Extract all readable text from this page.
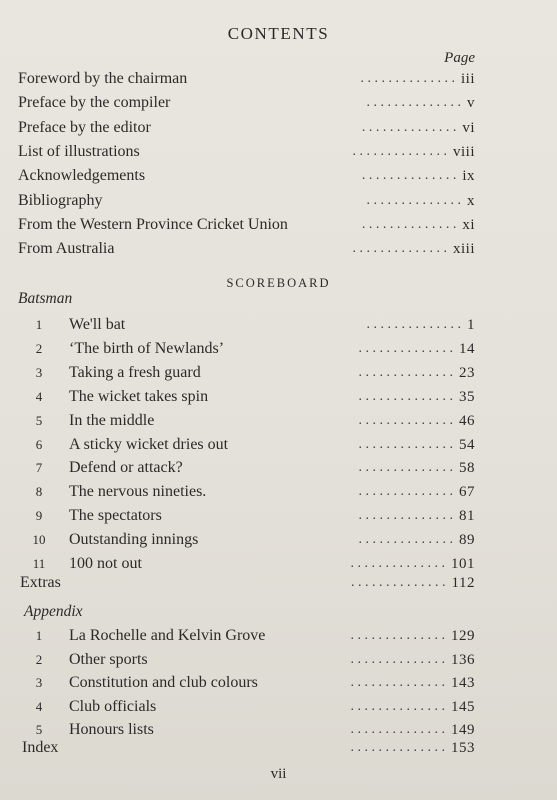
CONTENTS
Page
SCOREBOARD
Batsman
Appendix
Foreword by the chairman	iii
. . . . . . . . . . . . . .
Preface by the compiler	v
. . . . . . . . . . . . . .
Preface by the editor	vi
. . . . . . . . . . . . . .
List of illustrations	viii
. . . . . . . . . . . . . .
Acknowledgements	ix
. . . . . . . . . . . . . .
Bibliography	x
. . . . . . . . . . . . . .
From the Western Province Cricket Union	xi
. . . . . . . . . . . . . .
From Australia	xiii
. . . . . . . . . . . . . .
1	We'll bat	1
. . . . . . . . . . . . . .
2	‘The birth of Newlands’	14
. . . . . . . . . . . . . .
3	Taking a fresh guard	23
. . . . . . . . . . . . . .
4	The wicket takes spin	35
. . . . . . . . . . . . . .
5	In the middle	46
. . . . . . . . . . . . . .
6	A sticky wicket dries out	54
. . . . . . . . . . . . . .
7	Defend or attack?	58
. . . . . . . . . . . . . .
8	The nervous nineties.	67
. . . . . . . . . . . . . .
9	The spectators	81
. . . . . . . . . . . . . .
10	Outstanding innings	89
. . . . . . . . . . . . . .
11	100 not out	101
. . . . . . . . . . . . . .
Extras	112
. . . . . . . . . . . . . .
1	La Rochelle and Kelvin Grove	129
. . . . . . . . . . . . . .
2	Other sports	136
. . . . . . . . . . . . . .
3	Constitution and club colours	143
. . . . . . . . . . . . . .
4	Club officials	145
. . . . . . . . . . . . . .
5	Honours lists	149
. . . . . . . . . . . . . .
Index	153
. . . . . . . . . . . . . .
vii
